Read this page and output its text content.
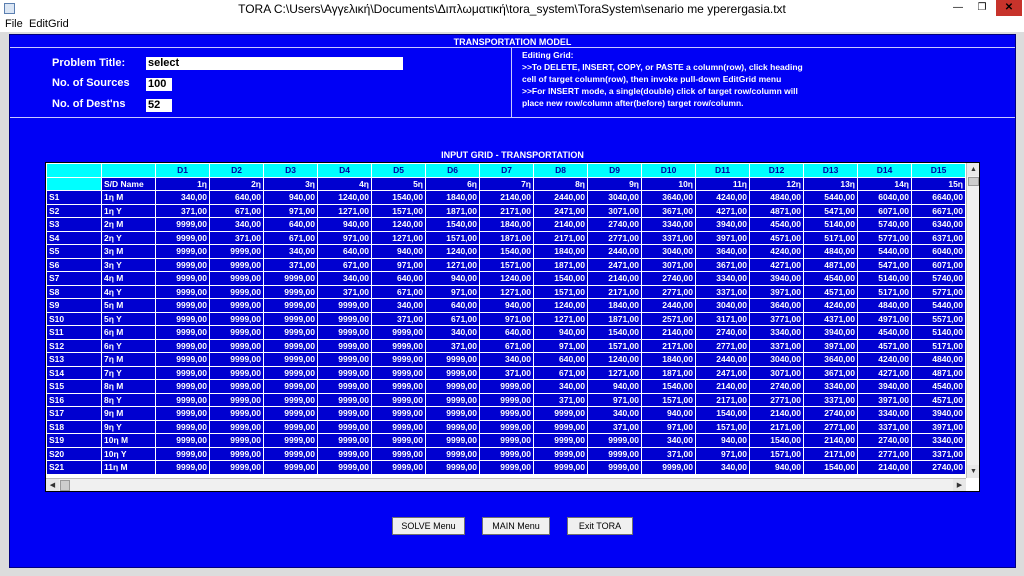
TORA C:\Users\Αγγελική\Documents\Διπλωματική\tora_system\ToraSystem\senario me yperergasia.txt	—	❐	✕
File EditGrid
TRANSPORTATION MODEL
Problem Title: select
No. of Sources 100
No. of Dest'ns 52
Editing Grid:
>>To DELETE, INSERT, COPY, or PASTE a column(row), click heading
cell of target column(row), then invoke pull-down EditGrid menu
>>For INSERT mode, a single(double) click of target row/column will
place new row/column after(before) target row/column.
INPUT GRID - TRANSPORTATION
		D1	D2	D3	D4	D5	D6	D7	D8	D9	D10	D11	D12	D13	D14	D15
	S/D Name	1η	2η	3η	4η	5η	6η	7η	8η	9η	10η	11η	12η	13η	14η	15η
S1	1η Μ	340,00	640,00	940,00	1240,00	1540,00	1840,00	2140,00	2440,00	3040,00	3640,00	4240,00	4840,00	5440,00	6040,00	6640,00
S2	1η Υ	371,00	671,00	971,00	1271,00	1571,00	1871,00	2171,00	2471,00	3071,00	3671,00	4271,00	4871,00	5471,00	6071,00	6671,00
S3	2η Μ	9999,00	340,00	640,00	940,00	1240,00	1540,00	1840,00	2140,00	2740,00	3340,00	3940,00	4540,00	5140,00	5740,00	6340,00
S4	2η Υ	9999,00	371,00	671,00	971,00	1271,00	1571,00	1871,00	2171,00	2771,00	3371,00	3971,00	4571,00	5171,00	5771,00	6371,00
S5	3η Μ	9999,00	9999,00	340,00	640,00	940,00	1240,00	1540,00	1840,00	2440,00	3040,00	3640,00	4240,00	4840,00	5440,00	6040,00
S6	3η Υ	9999,00	9999,00	371,00	671,00	971,00	1271,00	1571,00	1871,00	2471,00	3071,00	3671,00	4271,00	4871,00	5471,00	6071,00
S7	4η Μ	9999,00	9999,00	9999,00	340,00	640,00	940,00	1240,00	1540,00	2140,00	2740,00	3340,00	3940,00	4540,00	5140,00	5740,00
S8	4η Υ	9999,00	9999,00	9999,00	371,00	671,00	971,00	1271,00	1571,00	2171,00	2771,00	3371,00	3971,00	4571,00	5171,00	5771,00
S9	5η Μ	9999,00	9999,00	9999,00	9999,00	340,00	640,00	940,00	1240,00	1840,00	2440,00	3040,00	3640,00	4240,00	4840,00	5440,00
S10	5η Υ	9999,00	9999,00	9999,00	9999,00	371,00	671,00	971,00	1271,00	1871,00	2571,00	3171,00	3771,00	4371,00	4971,00	5571,00
S11	6η Μ	9999,00	9999,00	9999,00	9999,00	9999,00	340,00	640,00	940,00	1540,00	2140,00	2740,00	3340,00	3940,00	4540,00	5140,00
S12	6η Υ	9999,00	9999,00	9999,00	9999,00	9999,00	371,00	671,00	971,00	1571,00	2171,00	2771,00	3371,00	3971,00	4571,00	5171,00
S13	7η Μ	9999,00	9999,00	9999,00	9999,00	9999,00	9999,00	340,00	640,00	1240,00	1840,00	2440,00	3040,00	3640,00	4240,00	4840,00
S14	7η Υ	9999,00	9999,00	9999,00	9999,00	9999,00	9999,00	371,00	671,00	1271,00	1871,00	2471,00	3071,00	3671,00	4271,00	4871,00
S15	8η Μ	9999,00	9999,00	9999,00	9999,00	9999,00	9999,00	9999,00	340,00	940,00	1540,00	2140,00	2740,00	3340,00	3940,00	4540,00
S16	8η Υ	9999,00	9999,00	9999,00	9999,00	9999,00	9999,00	9999,00	371,00	971,00	1571,00	2171,00	2771,00	3371,00	3971,00	4571,00
S17	9η Μ	9999,00	9999,00	9999,00	9999,00	9999,00	9999,00	9999,00	9999,00	340,00	940,00	1540,00	2140,00	2740,00	3340,00	3940,00
S18	9η Υ	9999,00	9999,00	9999,00	9999,00	9999,00	9999,00	9999,00	9999,00	371,00	971,00	1571,00	2171,00	2771,00	3371,00	3971,00
S19	10η Μ	9999,00	9999,00	9999,00	9999,00	9999,00	9999,00	9999,00	9999,00	9999,00	340,00	940,00	1540,00	2140,00	2740,00	3340,00
S20	10η Υ	9999,00	9999,00	9999,00	9999,00	9999,00	9999,00	9999,00	9999,00	9999,00	371,00	971,00	1571,00	2171,00	2771,00	3371,00
S21	11η Μ	9999,00	9999,00	9999,00	9999,00	9999,00	9999,00	9999,00	9999,00	9999,00	9999,00	340,00	940,00	1540,00	2140,00	2740,00
▲
▼
◀	▶
SOLVE Menu	MAIN Menu	Exit TORA
